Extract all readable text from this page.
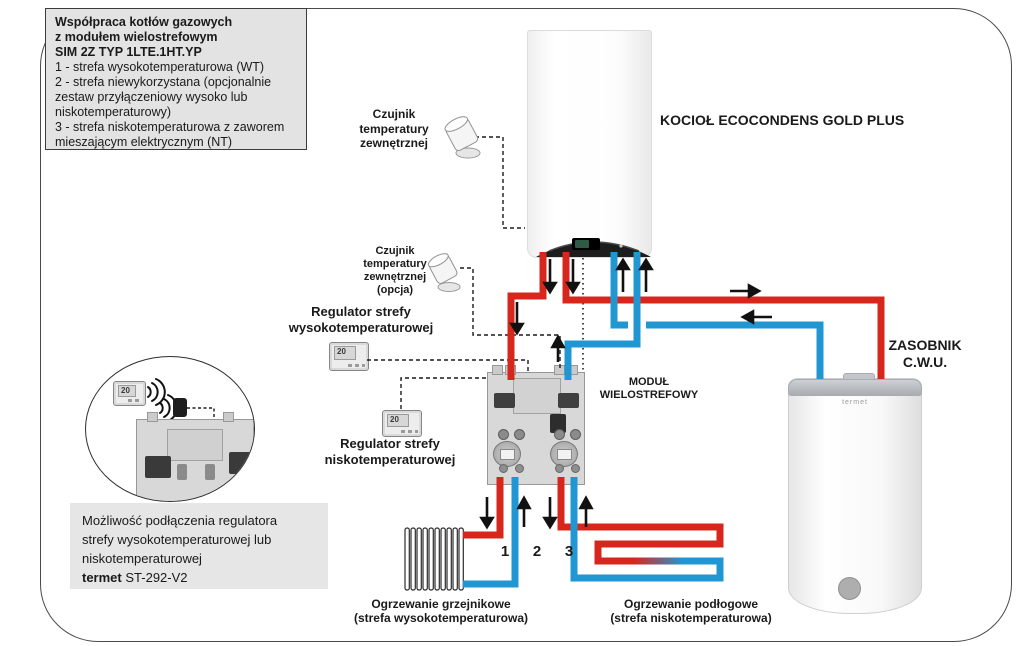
Współpraca kotłów gazowych
z modułem wielostrefowym
SIM 2Z TYP 1LTE.1HT.YP
1 - strefa wysokotemperaturowa (WT)
2 - strefa niewykorzystana (opcjonalnie zestaw przyłączeniowy wysoko lub niskotemperaturowy)
3 - strefa niskotemperaturowa z zaworem mieszającym elektrycznym (NT)
termet
20
20
20
Możliwość podłączenia regulatora
strefy wysokotemperaturowej lub
niskotemperaturowej
termet ST-292-V2
KOCIOŁ ECOCONDENS GOLD PLUS
ZASOBNIK
C.W.U.
MODUŁ
WIELOSTREFOWY
Czujnik
temperatury
zewnętrznej
Czujnik
temperatury
zewnętrznej
(opcja)
Regulator strefy
wysokotemperaturowej
Regulator strefy
niskotemperaturowej
1 2 3
Ogrzewanie grzejnikowe
(strefa wysokotemperaturowa)
Ogrzewanie podłogowe
(strefa niskotemperaturowa)
